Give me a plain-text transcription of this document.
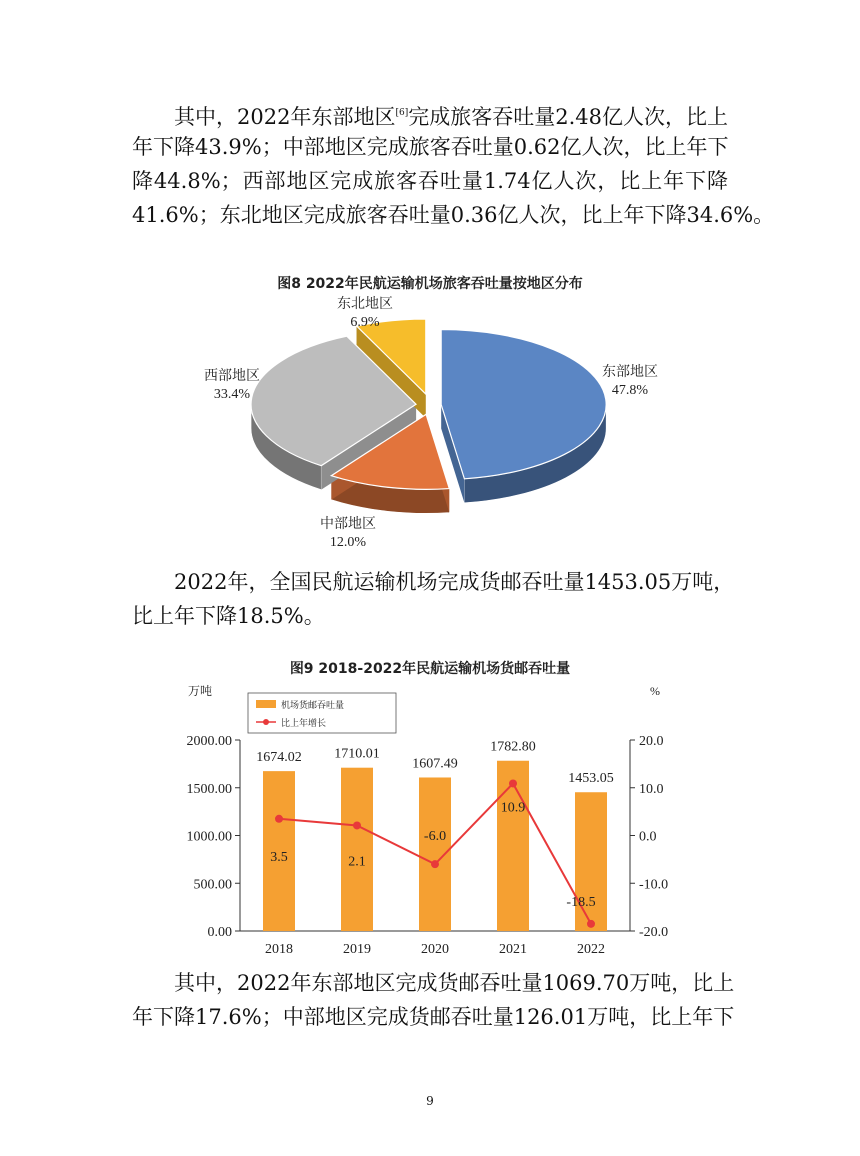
其中，2022年东部地区[6]完成旅客吞吐量2.48亿人次，比上
年下降43.9%；中部地区完成旅客吞吐量0.62亿人次，比上年下
降44.8%；西部地区完成旅客吞吐量1.74亿人次，比上年下降
41.6%；东北地区完成旅客吞吐量0.36亿人次，比上年下降34.6%。
图8 2022年民航运输机场旅客吞吐量按地区分布
东部地区
47.8%
中部地区
12.0%
西部地区
33.4%
东北地区
6.9%
2022年，全国民航运输机场完成货邮吞吐量1453.05万吨，
比上年下降18.5%。
图9 2018-2022年民航运输机场货邮吞吐量
0.00
500.00
1000.00
1500.00
2000.00
-20.0
-10.0
0.0
10.0
20.0
万吨	%
1674.02 1710.01
1607.49
1782.80
1453.05
3.5	2.1
-6.0
10.9
-18.5
2018	2019	2020	2021	2022
机场货邮吞吐量
比上年增长
其中，2022年东部地区完成货邮吞吐量1069.70万吨，比上
年下降17.6%；中部地区完成货邮吞吐量126.01万吨，比上年下
9
